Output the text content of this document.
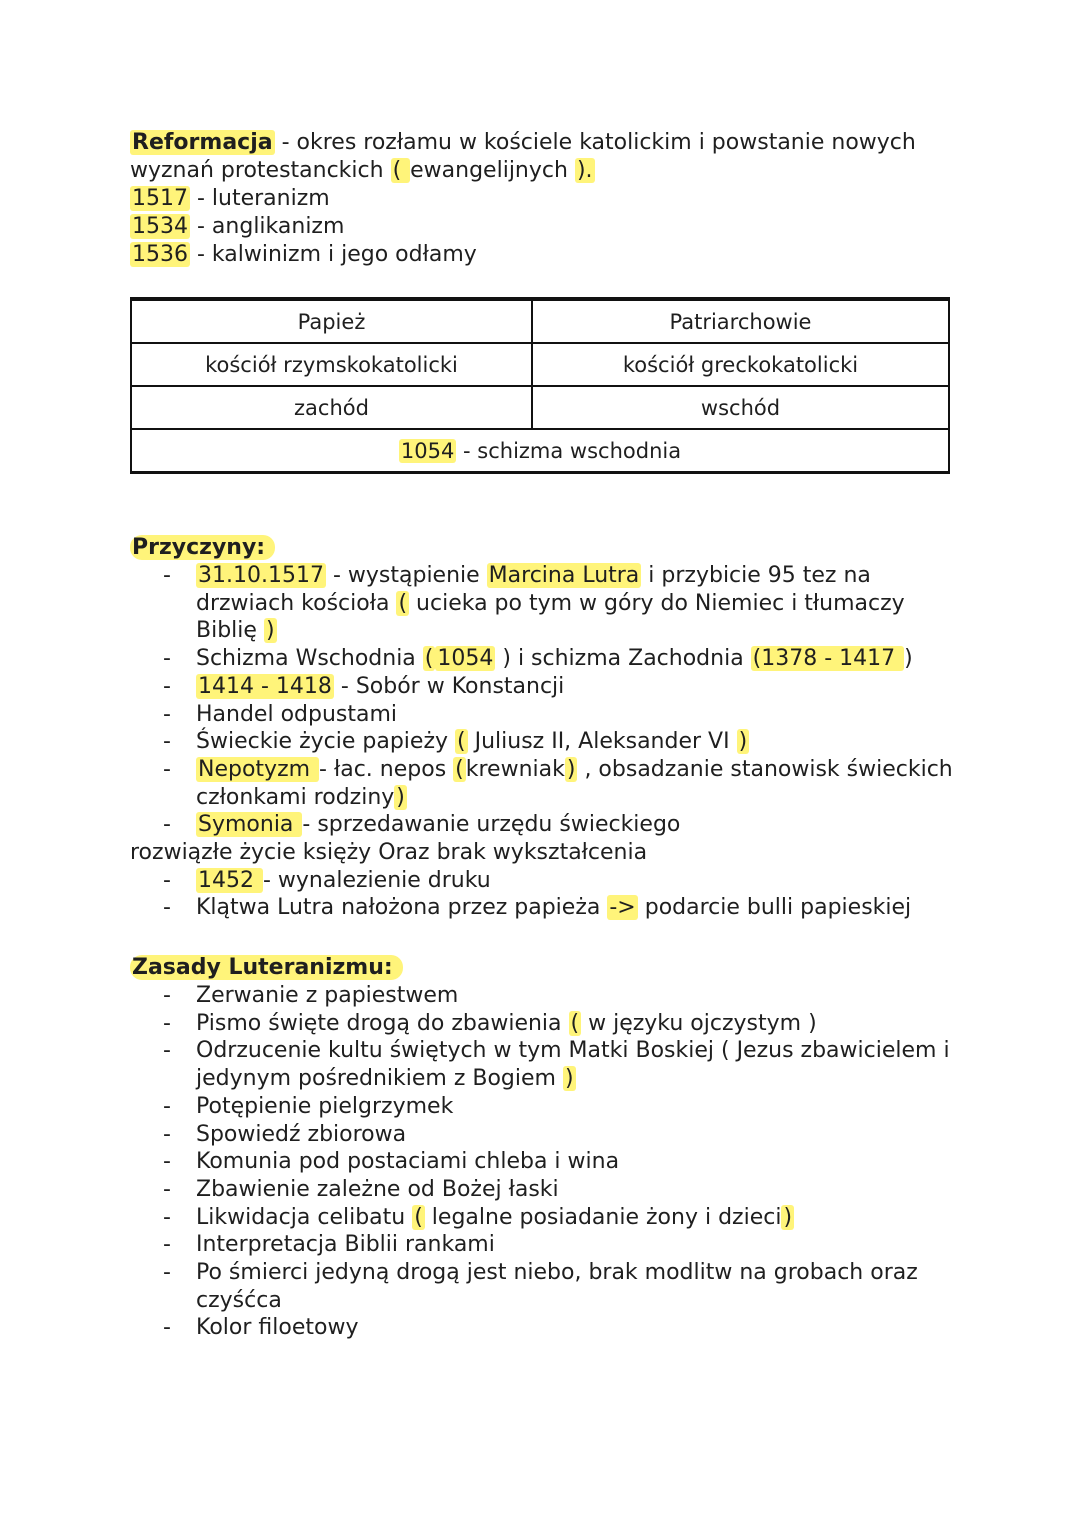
Reformacja - okres rozłamu w kościele katolickim i powstanie nowych
wyznań protestanckich ( ewangelijnych ).
1517 - luteranizm
1534 - anglikanizm
1536 - kalwinizm i jego odłamy
Papież	Patriarchowie
kościół rzymskokatolicki	kościół greckokatolicki
zachód	wschód
1054 - schizma wschodnia	
Przyczyny:
- 31.10.1517 - wystąpienie Marcina Lutra i przybicie 95 tez na drzwiach kościoła ( ucieka po tym w góry do Niemiec i tłumaczy Biblię )
- Schizma Wschodnia ( 1054 ) i schizma Zachodnia (1378 - 1417 )
- 1414 - 1418 - Sobór w Konstancji
- Handel odpustami
- Świeckie życie papieży ( Juliusz II, Aleksander VI )
- Nepotyzm - łac. nepos (krewniak) , obsadzanie stanowisk świeckich członkami rodziny)
- Symonia - sprzedawanie urzędu świeckiego
rozwiązłe życie księży Oraz brak wykształcenia
- 1452 - wynalezienie druku
- Klątwa Lutra nałożona przez papieża -> podarcie bulli papieskiej
Zasady Luteranizmu:
- Zerwanie z papiestwem
- Pismo święte drogą do zbawienia ( w języku ojczystym )
- Odrzucenie kultu świętych w tym Matki Boskiej ( Jezus zbawicielem i jedynym pośrednikiem z Bogiem )
- Potępienie pielgrzymek
- Spowiedź zbiorowa
- Komunia pod postaciami chleba i wina
- Zbawienie zależne od Bożej łaski
- Likwidacja celibatu ( legalne posiadanie żony i dzieci)
- Interpretacja Biblii rankami
- Po śmierci jedyną drogą jest niebo, brak modlitw na grobach oraz czyśćca
- Kolor filoetowy
